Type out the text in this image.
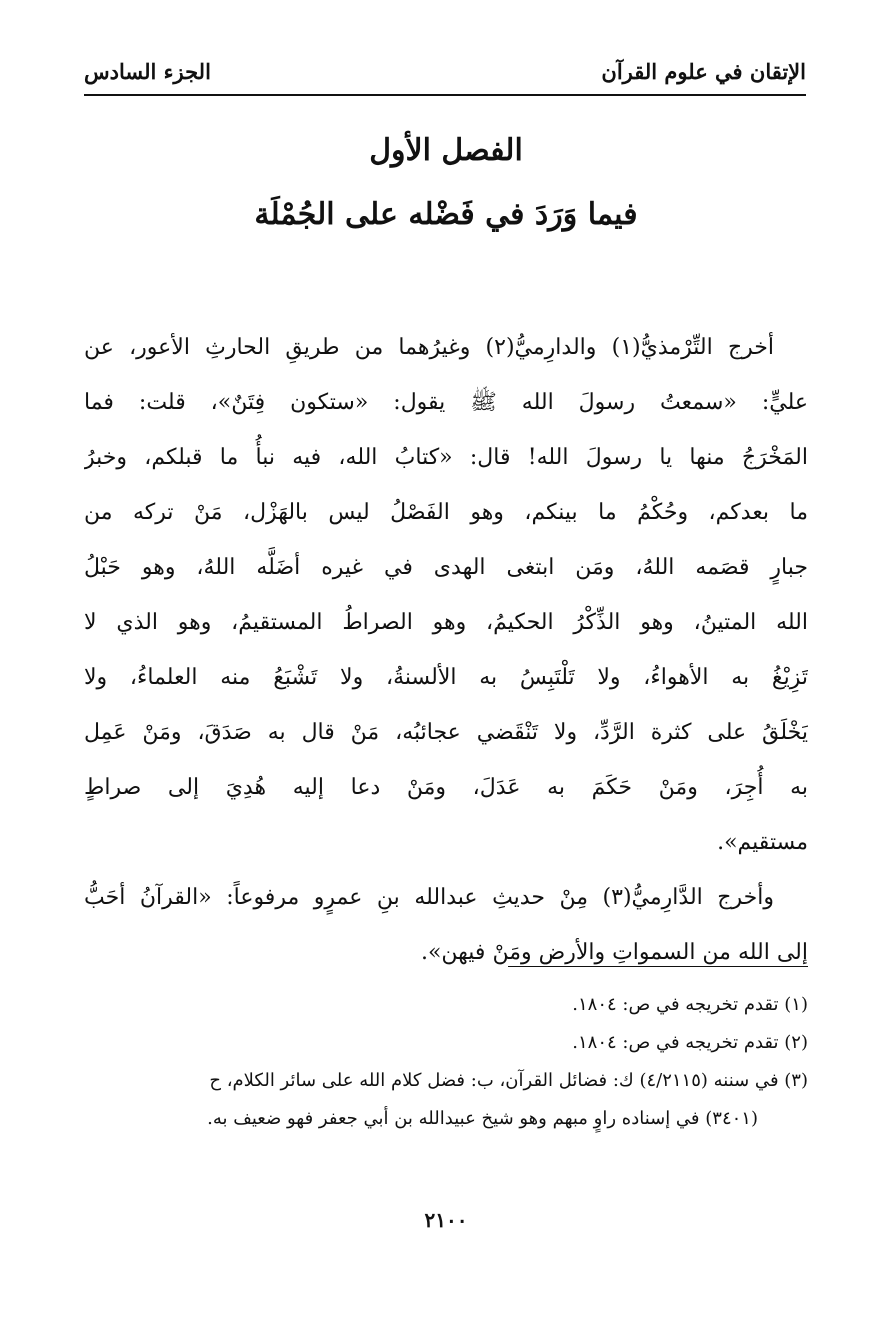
الإتقان في علوم القرآن
الجزء السادس
الفصل الأول
فيما وَرَدَ في فَضْله على الجُمْلَة
أخرج التِّرْمذيُّ(١) والدارِميُّ(٢) وغيرُهما من طريقِ الحارثِ الأعور، عن
عليٍّ: «سمعتُ رسولَ الله ﷺ يقول: «ستكون فِتَنٌ»، قلت: فما
المَخْرَجُ منها يا رسولَ الله! قال: «كتابُ الله، فيه نبأُ ما قبلكم، وخبرُ
ما بعدكم، وحُكْمُ ما بينكم، وهو الفَصْلُ ليس بالهَزْل، مَنْ تركه من
جبارٍ قصَمه اللهُ، ومَن ابتغى الهدى في غيره أضَلَّه اللهُ، وهو حَبْلُ
الله المتينُ، وهو الذِّكْرُ الحكيمُ، وهو الصراطُ المستقيمُ، وهو الذي لا
تَزِيْغُ به الأهواءُ، ولا تَلْتَبِسُ به الألسنةُ، ولا تَشْبَعُ منه العلماءُ، ولا
يَخْلَقُ على كثرة الرَّدِّ، ولا تَنْقَضي عجائبُه، مَنْ قال به صَدَقَ، ومَنْ عَمِل
به أُجِرَ، ومَنْ حَكَمَ به عَدَلَ، ومَنْ دعا إليه هُدِيَ إلى صراطٍ
مستقيم».
وأخرج الدَّارِميُّ(٣) مِنْ حديثِ عبدالله بنِ عمرٍو مرفوعاً: «القرآنُ أحَبُّ
إلى الله من السمواتِ والأرض ومَنْ فيهن».
(١) تقدم تخريجه في ص: ١٨٠٤.
(٢) تقدم تخريجه في ص: ١٨٠٤.
(٣) في سننه (٤/٢١١٥) ك: فضائل القرآن، ب: فضل كلام الله على سائر الكلام، ح
(٣٤٠١) في إسناده راوٍ مبهم وهو شيخ عبيدالله بن أبي جعفر فهو ضعيف به.
٢١٠٠
